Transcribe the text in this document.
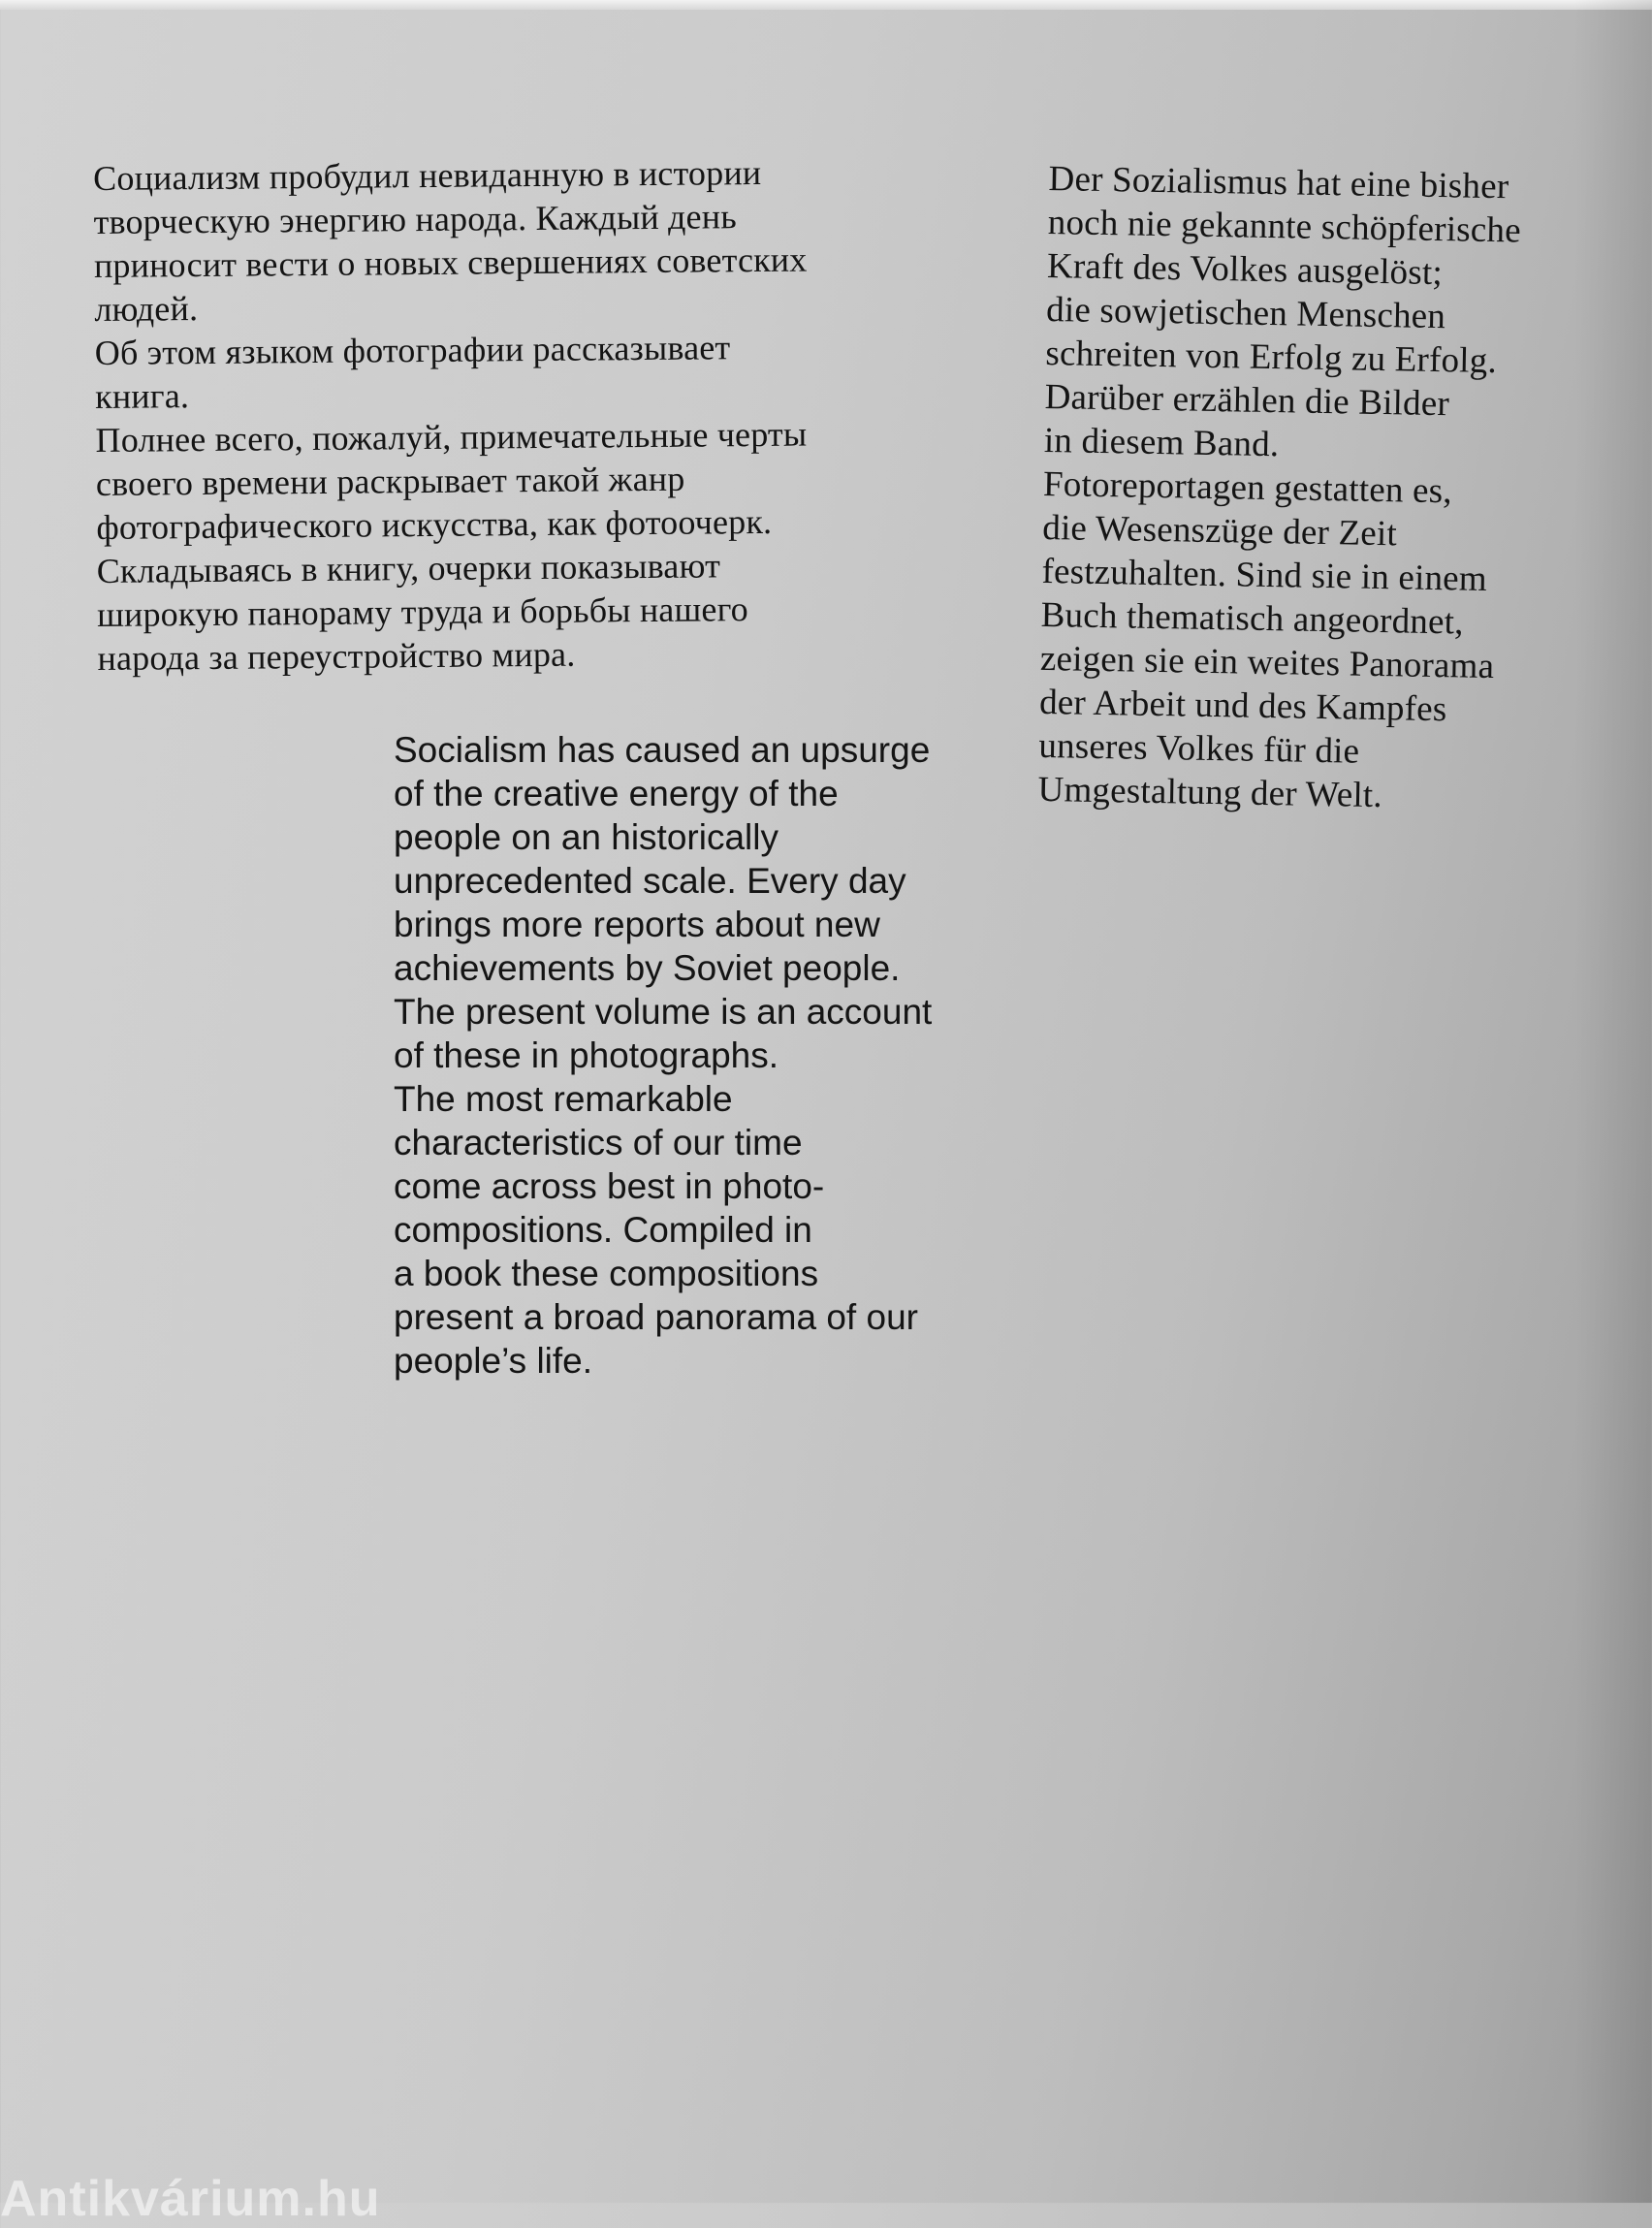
Социализм пробудил невиданную в истории
творческую энергию народа. Каждый день
приносит вести о новых свершениях советских
людей.
Об этом языком фотографии рассказывает
книга.
Полнее всего, пожалуй, примечательные черты
своего времени раскрывает такой жанр
фотографического искусства, как фотоочерк.
Складываясь в книгу, очерки показывают
широкую панораму труда и борьбы нашего
народа за переустройство мира.
Socialism has caused an upsurge
of the creative energy of the
people on an historically
unprecedented scale. Every day
brings more reports about new
achievements by Soviet people.
The present volume is an account
of these in photographs.
The most remarkable
characteristics of our time
come across best in photo-
compositions. Compiled in
a book these compositions
present a broad panorama of our
people’s life.
Der Sozialismus hat eine bisher
noch nie gekannte schöpferische
Kraft des Volkes ausgelöst;
die sowjetischen Menschen
schreiten von Erfolg zu Erfolg.
Darüber erzählen die Bilder
in diesem Band.
Fotoreportagen gestatten es,
die Wesenszüge der Zeit
festzuhalten. Sind sie in einem
Buch thematisch angeordnet,
zeigen sie ein weites Panorama
der Arbeit und des Kampfes
unseres Volkes für die
Umgestaltung der Welt.
Antikvárium.hu
